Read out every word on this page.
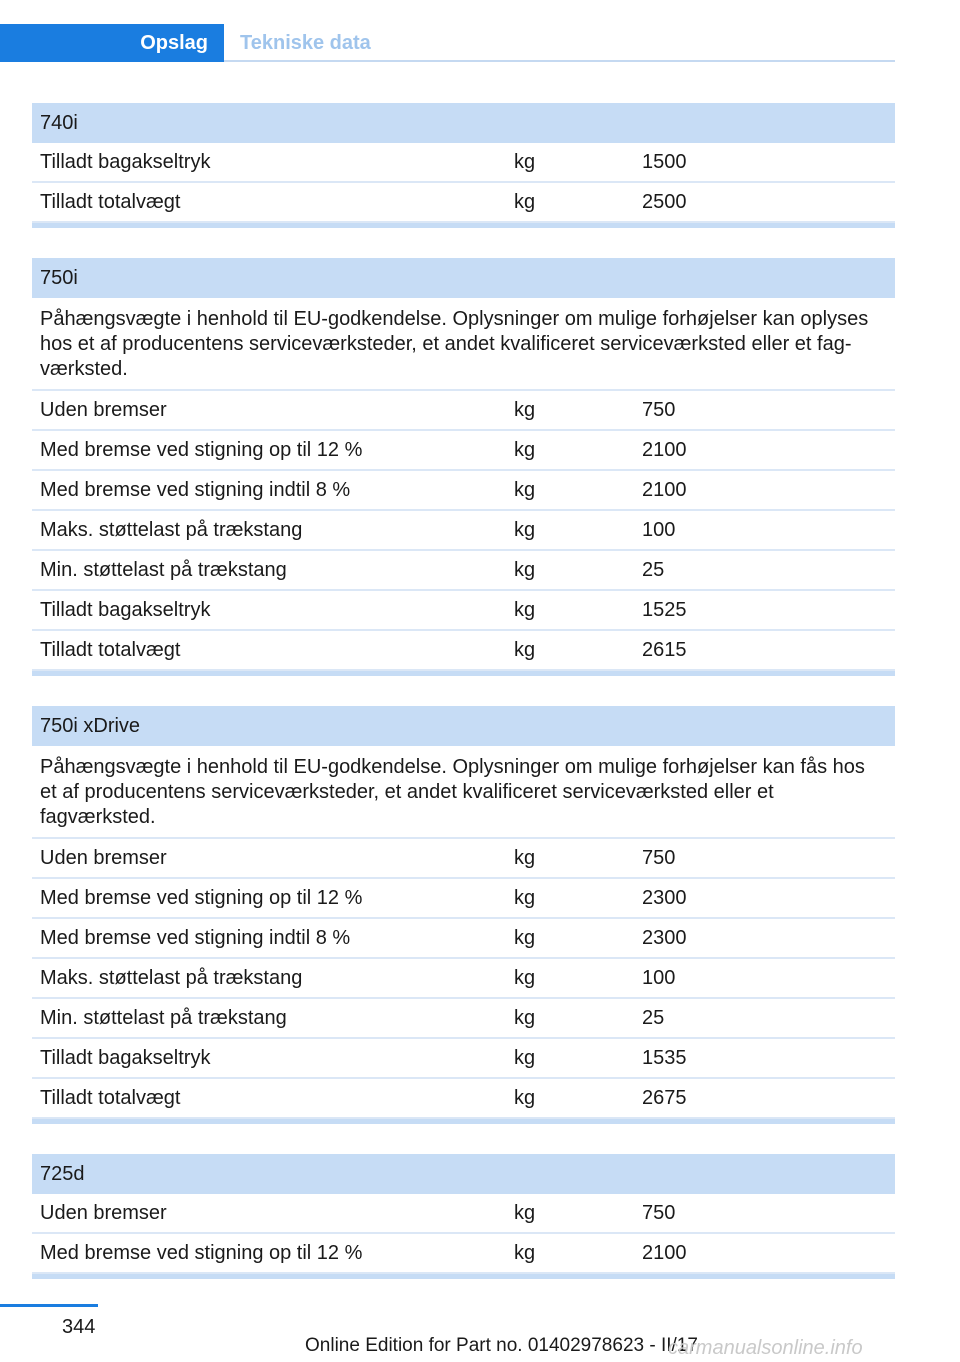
Opslag	Tekniske data
740i
Tilladt bagakseltryk	kg	1500
Tilladt totalvægt	kg	2500
750i
Påhængsvægte i henhold til EU-godkendelse. Oplysninger om mulige forhøjelser kan oplyses hos et af producentens serviceværksteder, et andet kvalificeret serviceværksted eller et fagværksted.
Uden bremser	kg	750
Med bremse ved stigning op til 12 %	kg	2100
Med bremse ved stigning indtil 8 %	kg	2100
Maks. støttelast på trækstang	kg	100
Min. støttelast på trækstang	kg	25
Tilladt bagakseltryk	kg	1525
Tilladt totalvægt	kg	2615
750i xDrive
Påhængsvægte i henhold til EU-godkendelse. Oplysninger om mulige forhøjelser kan fås hos et af producentens serviceværksteder, et andet kvalificeret serviceværksted eller et fagværksted.
Uden bremser	kg	750
Med bremse ved stigning op til 12 %	kg	2300
Med bremse ved stigning indtil 8 %	kg	2300
Maks. støttelast på trækstang	kg	100
Min. støttelast på trækstang	kg	25
Tilladt bagakseltryk	kg	1535
Tilladt totalvægt	kg	2675
725d
Uden bremser	kg	750
Med bremse ved stigning op til 12 %	kg	2100
344
Online Edition for Part no. 01402978623 - II/17
carmanualsonline.info
